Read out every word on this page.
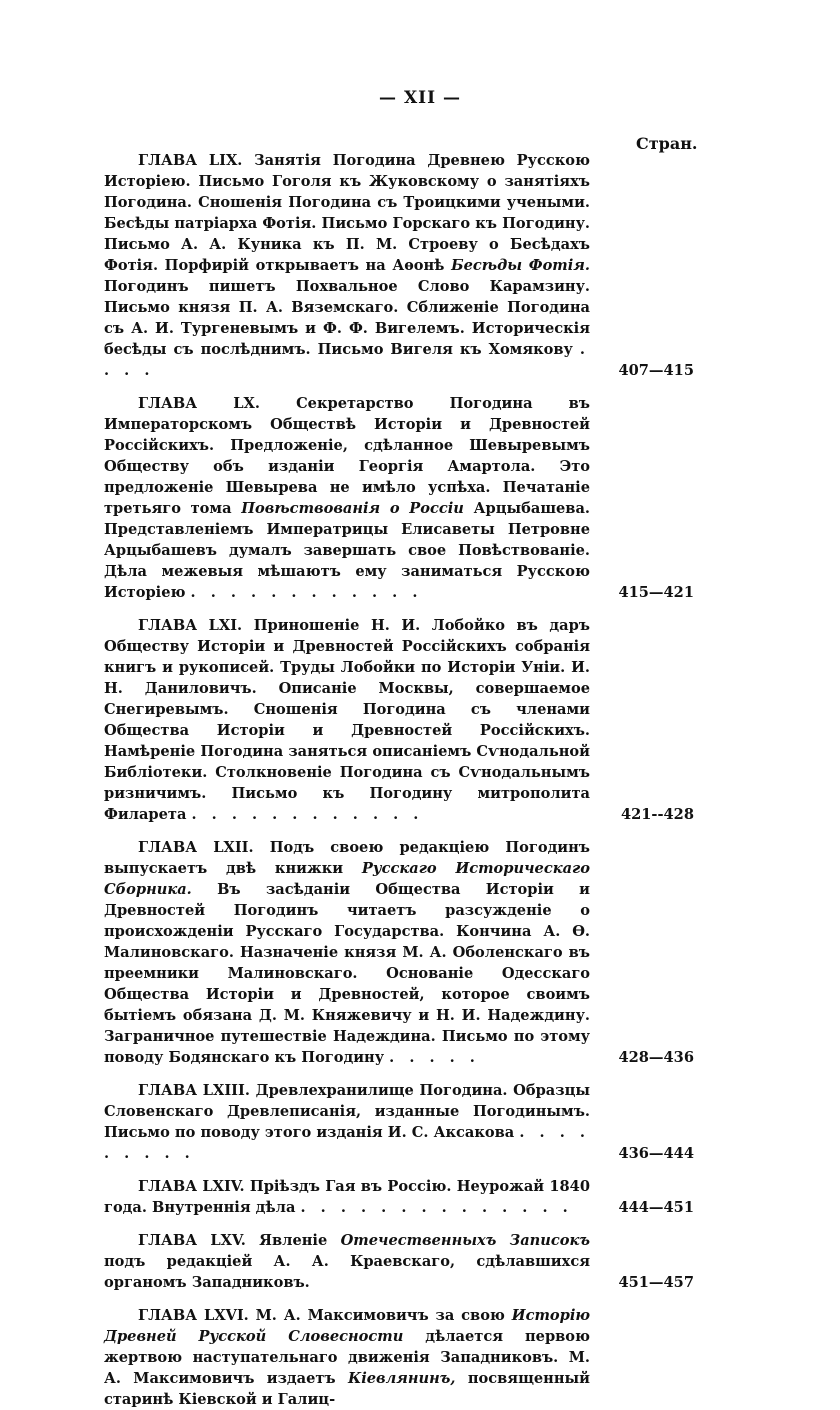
— XII —
Стран.
ГЛАВА LIX. Занятія Погодина Древнею Русскою Исторіею. Письмо Гоголя къ Жуковскому о занятіяхъ Погодина. Сношенія Погодина съ Троицкими учеными. Бесѣды патріарха Фотія. Письмо Горскаго къ Погодину. Письмо А. А. Куника къ П. М. Строеву о Бесѣдахъ Фотія. Порфирій открываетъ на Аѳонѣ Бесѣды Фотія. Погодинъ пишетъ Похвальное Слово Карамзину. Письмо князя П. А. Вяземскаго. Сближеніе Погодина съ А. И. Тургеневымъ и Ф. Ф. Вигелемъ. Историческія бесѣды съ послѣднимъ. Письмо Вигеля къ Хомякову . . . .	407—415
ГЛАВА LX. Секретарство Погодина въ Императорскомъ Обществѣ Исторіи и Древностей Россійскихъ. Предложеніе, сдѣланное Шевыревымъ Обществу объ изданіи Георгія Амартола. Это предложеніе Шевырева не имѣло успѣха. Печатаніе третьяго тома Повѣствованія о Россіи Арцыбашева. Представленіемъ Императрицы Елисаветы Петровне Арцыбашевъ думалъ завершать свое Повѣствованіе. Дѣла межевыя мѣшаютъ ему заниматься Русскою Исторіею . . . . . . . . . . . .	415—421
ГЛАВА LXI. Приношеніе Н. И. Лобойко въ даръ Обществу Исторіи и Древностей Россійскихъ собранія книгъ и рукописей. Труды Лобойки по Исторіи Уніи. И. Н. Даниловичъ. Описаніе Москвы, совершаемое Снегиревымъ. Сношенія Погодина съ членами Общества Исторіи и Древностей Россійскихъ. Намѣреніе Погодина заняться описаніемъ Сѵнодальной Библіотеки. Столкновеніе Погодина съ Сѵнодальнымъ ризничимъ. Письмо къ Погодину митрополита Филарета . . . . . . . . . . . .	421--428
ГЛАВА LXII. Подъ своею редакціею Погодинъ выпускаетъ двѣ книжки Русскаго Историческаго Сборника. Въ засѣданіи Общества Исторіи и Древностей Погодинъ читаетъ разсужденіе о происхожденіи Русскаго Государства. Кончина А. Ѳ. Малиновскаго. Назначеніе князя М. А. Оболенскаго въ преемники Малиновскаго. Основаніе Одесскаго Общества Исторіи и Древностей, которое своимъ бытіемъ обязана Д. М. Княжевичу и Н. И. Надеждину. Заграничное путешествіе Надеждина. Письмо по этому поводу Бодянскаго къ Погодину . . . . .	428—436
ГЛАВА LXIII. Древлехранилище Погодина. Образцы Словенскаго Древлеписанія, изданные Погодинымъ. Письмо по поводу этого изданія И. С. Аксакова . . . . . . . . .	436—444
ГЛАВА LXIV. Пріѣздъ Гая въ Россію. Неурожай 1840 года. Внутреннія дѣла . . . . . . . . . . . . . .	444—451
ГЛАВА LXV. Явленіе Отечественныхъ Записокъ подъ редакціей А. А. Краевскаго, сдѣлавшихся органомъ Западниковъ.	451—457
ГЛАВА LXVI. М. А. Максимовичъ за свою Исторію Древней Русской Словесности дѣлается первою жертвою наступательнаго движенія Западниковъ. М. А. Максимовичъ издаетъ Кіевлянинъ, посвященный старинѣ Кіевской и Галиц-
